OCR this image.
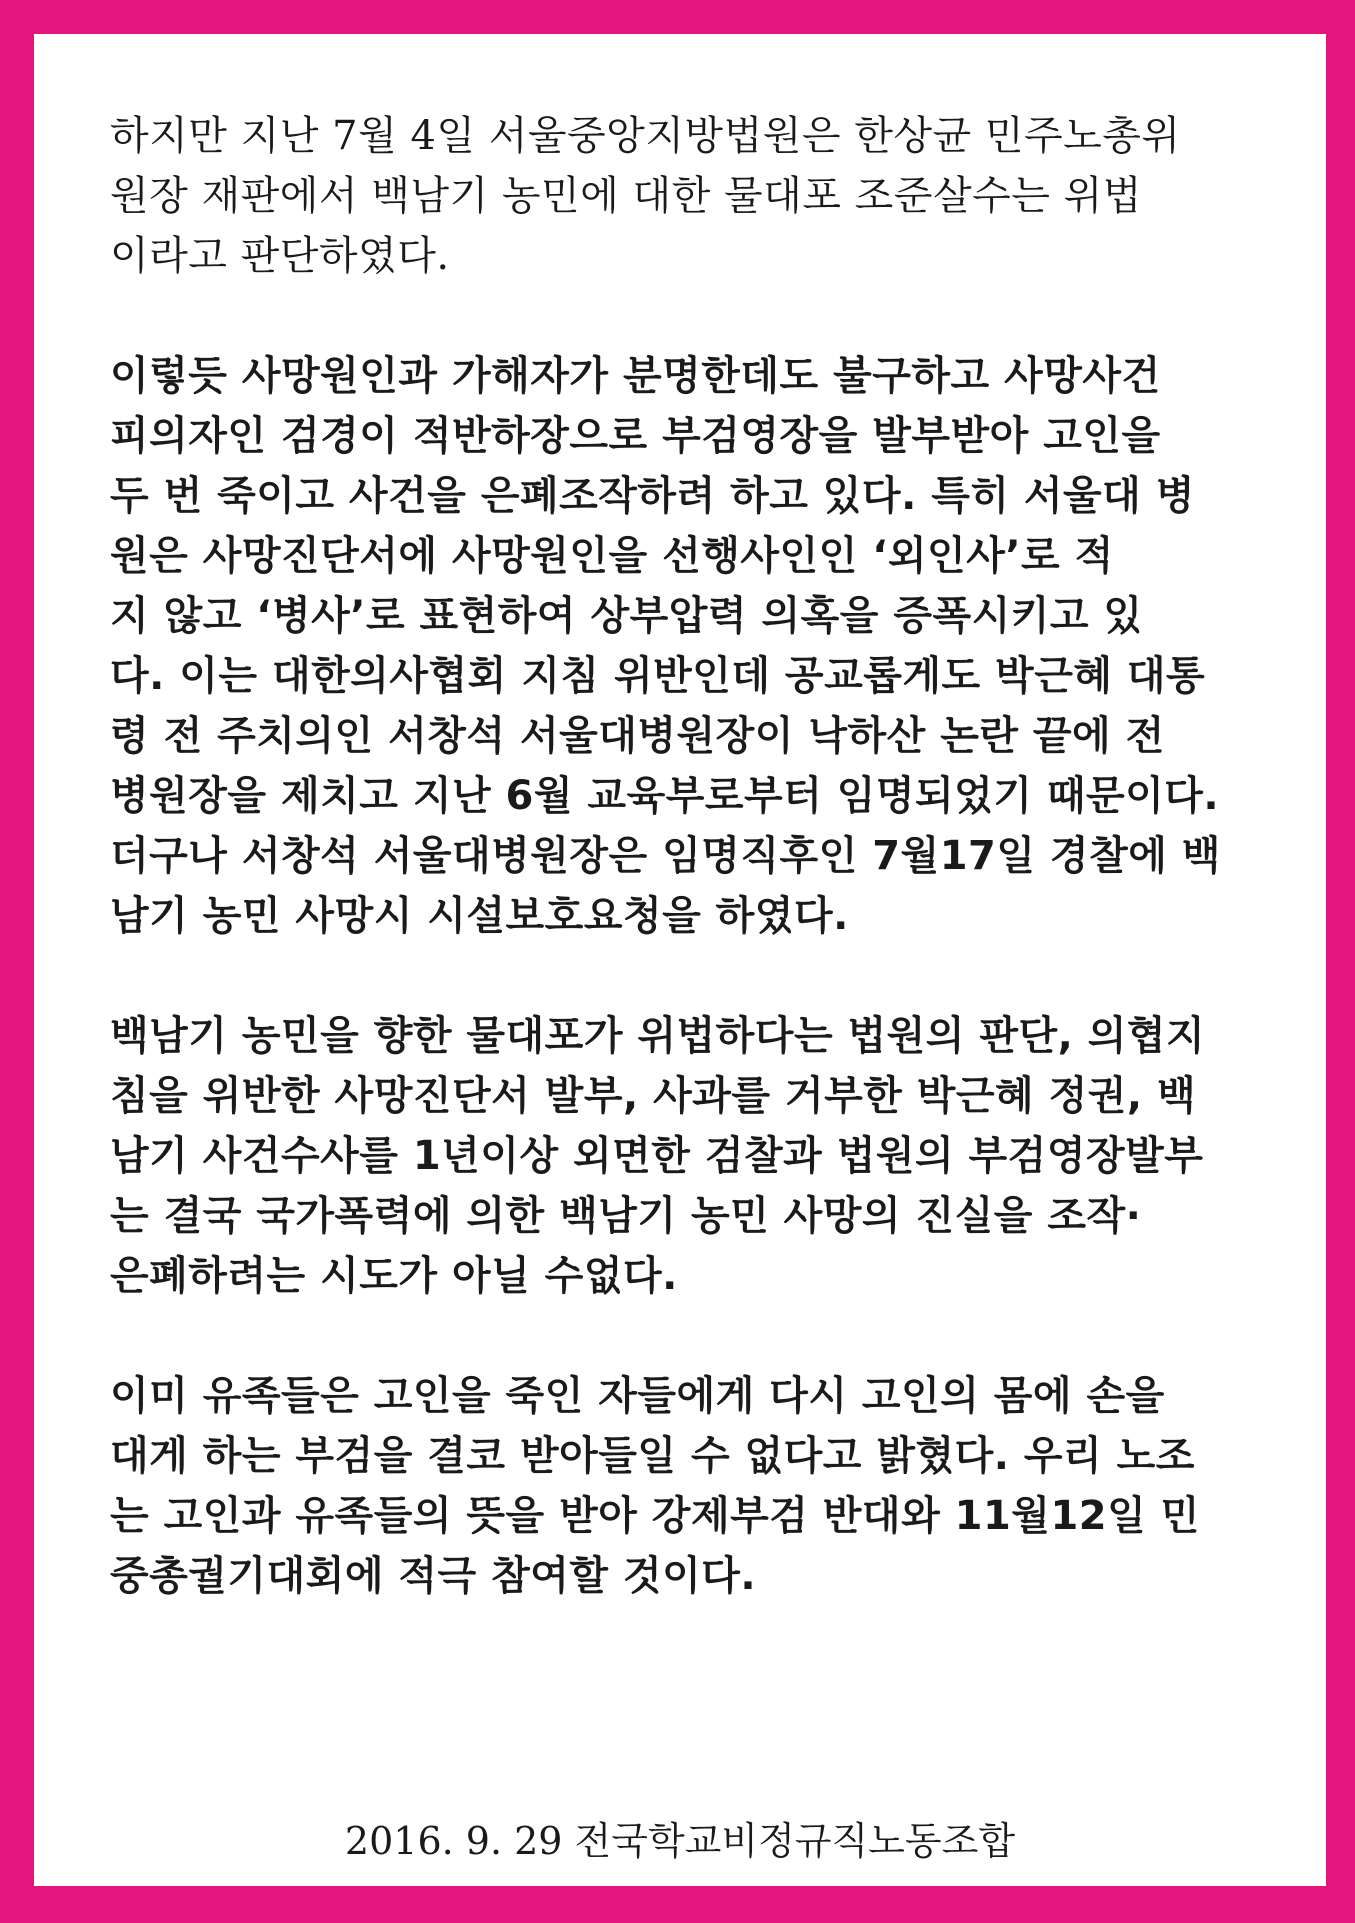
하지만 지난 7월 4일 서울중앙지방법원은 한상균 민주노총위
원장 재판에서 백남기 농민에 대한 물대포 조준살수는 위법
이라고 판단하였다.

이렇듯 사망원인과 가해자가 분명한데도 불구하고 사망사건
피의자인 검경이 적반하장으로 부검영장을 발부받아 고인을
두 번 죽이고 사건을 은폐조작하려 하고 있다. 특히 서울대 병
원은 사망진단서에 사망원인을 선행사인인 ‘외인사’로 적
지 않고 ‘병사’로 표현하여 상부압력 의혹을 증폭시키고 있
다. 이는 대한의사협회 지침 위반인데 공교롭게도 박근혜 대통
령 전 주치의인 서창석 서울대병원장이 낙하산 논란 끝에 전
병원장을 제치고 지난 6월 교육부로부터 임명되었기 때문이다.
더구나 서창석 서울대병원장은 임명직후인 7월17일 경찰에 백
남기 농민 사망시 시설보호요청을 하였다.

백남기 농민을 향한 물대포가 위법하다는 법원의 판단, 의협지
침을 위반한 사망진단서 발부, 사과를 거부한 박근혜 정권, 백
남기 사건수사를 1년이상 외면한 검찰과 법원의 부검영장발부
는 결국 국가폭력에 의한 백남기 농민 사망의 진실을 조작·
은폐하려는 시도가 아닐 수없다.

이미 유족들은 고인을 죽인 자들에게 다시 고인의 몸에 손을
대게 하는 부검을 결코 받아들일 수 없다고 밝혔다. 우리 노조
는 고인과 유족들의 뜻을 받아 강제부검 반대와 11월12일 민
중총궐기대회에 적극 참여할 것이다.

2016. 9. 29 전국학교비정규직노동조합
